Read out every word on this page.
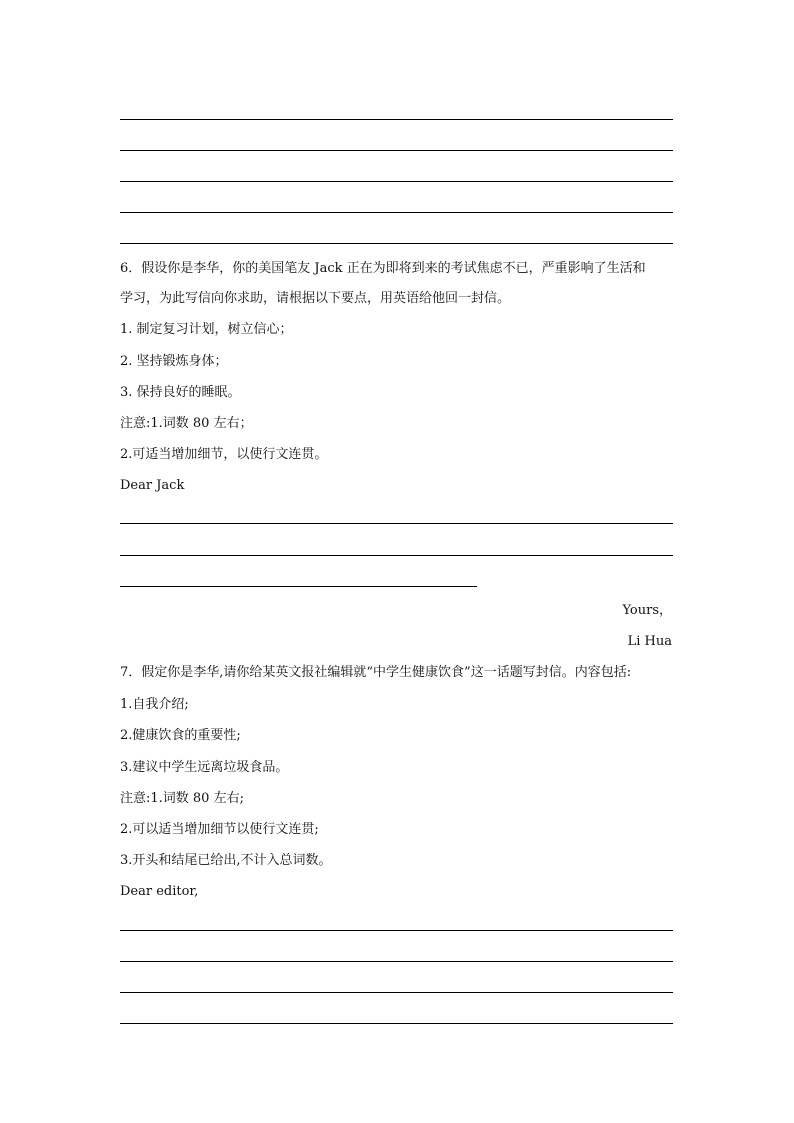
6．假设你是李华，你的美国笔友 Jack 正在为即将到来的考试焦虑不已，严重影响了生活和
学习，为此写信向你求助，请根据以下要点，用英语给他回一封信。
1. 制定复习计划，树立信心；
2. 坚持锻炼身体；
3. 保持良好的睡眠。
注意:1.词数 80 左右；
2.可适当增加细节，以使行文连贯。
Dear Jack
Yours，
Li Hua
7．假定你是李华,请你给某英文报社编辑就“中学生健康饮食”这一话题写封信。内容包括:
1.自我介绍;
2.健康饮食的重要性;
3.建议中学生远离垃圾食品。
注意:1.词数 80 左右;
2.可以适当增加细节以使行文连贯;
3.开头和结尾已给出,不计入总词数。
Dear editor,
